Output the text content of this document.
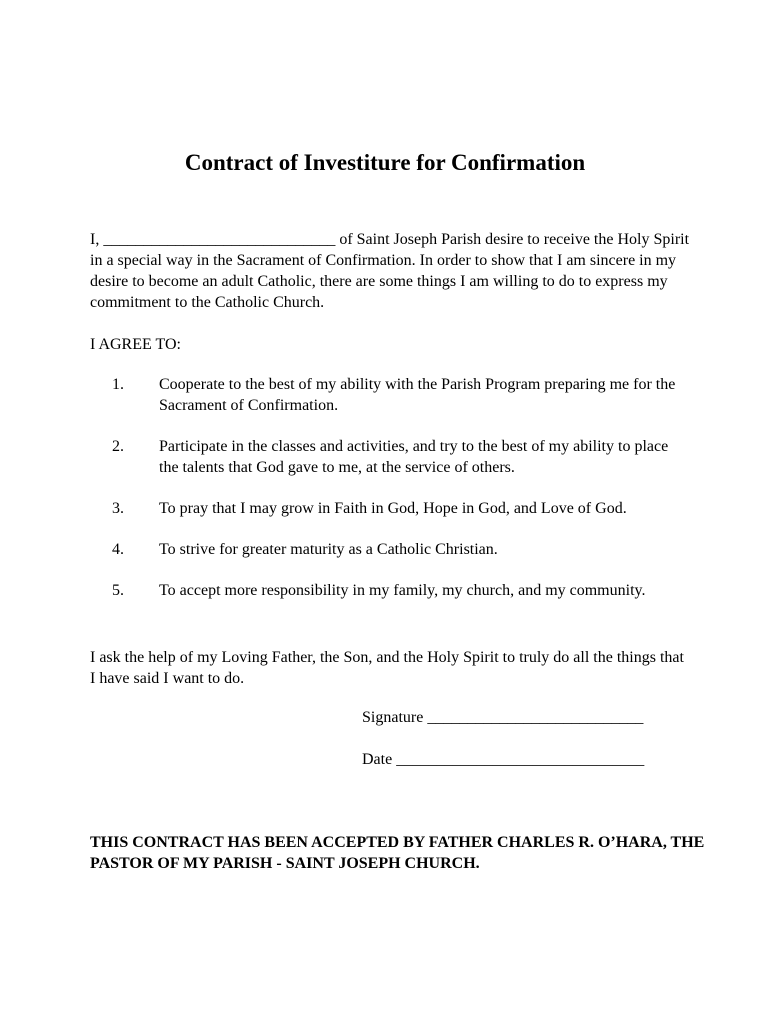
Contract of Investiture for Confirmation

I, _____________________________ of Saint Joseph Parish desire to receive the Holy Spirit in a special way in the Sacrament of Confirmation. In order to show that I am sincere in my desire to become an adult Catholic, there are some things I am willing to do to express my commitment to the Catholic Church.

I AGREE TO:

1. Cooperate to the best of my ability with the Parish Program preparing me for the Sacrament of Confirmation.
2. Participate in the classes and activities, and try to the best of my ability to place the talents that God gave to me, at the service of others.
3. To pray that I may grow in Faith in God, Hope in God, and Love of God.
4. To strive for greater maturity as a Catholic Christian.
5. To accept more responsibility in my family, my church, and my community.

I ask the help of my Loving Father, the Son, and the Holy Spirit to truly do all the things that I have said I want to do.

Signature ___________________________

Date _______________________________

THIS CONTRACT HAS BEEN ACCEPTED BY FATHER CHARLES R. O’HARA, THE PASTOR OF MY PARISH - SAINT JOSEPH CHURCH.
